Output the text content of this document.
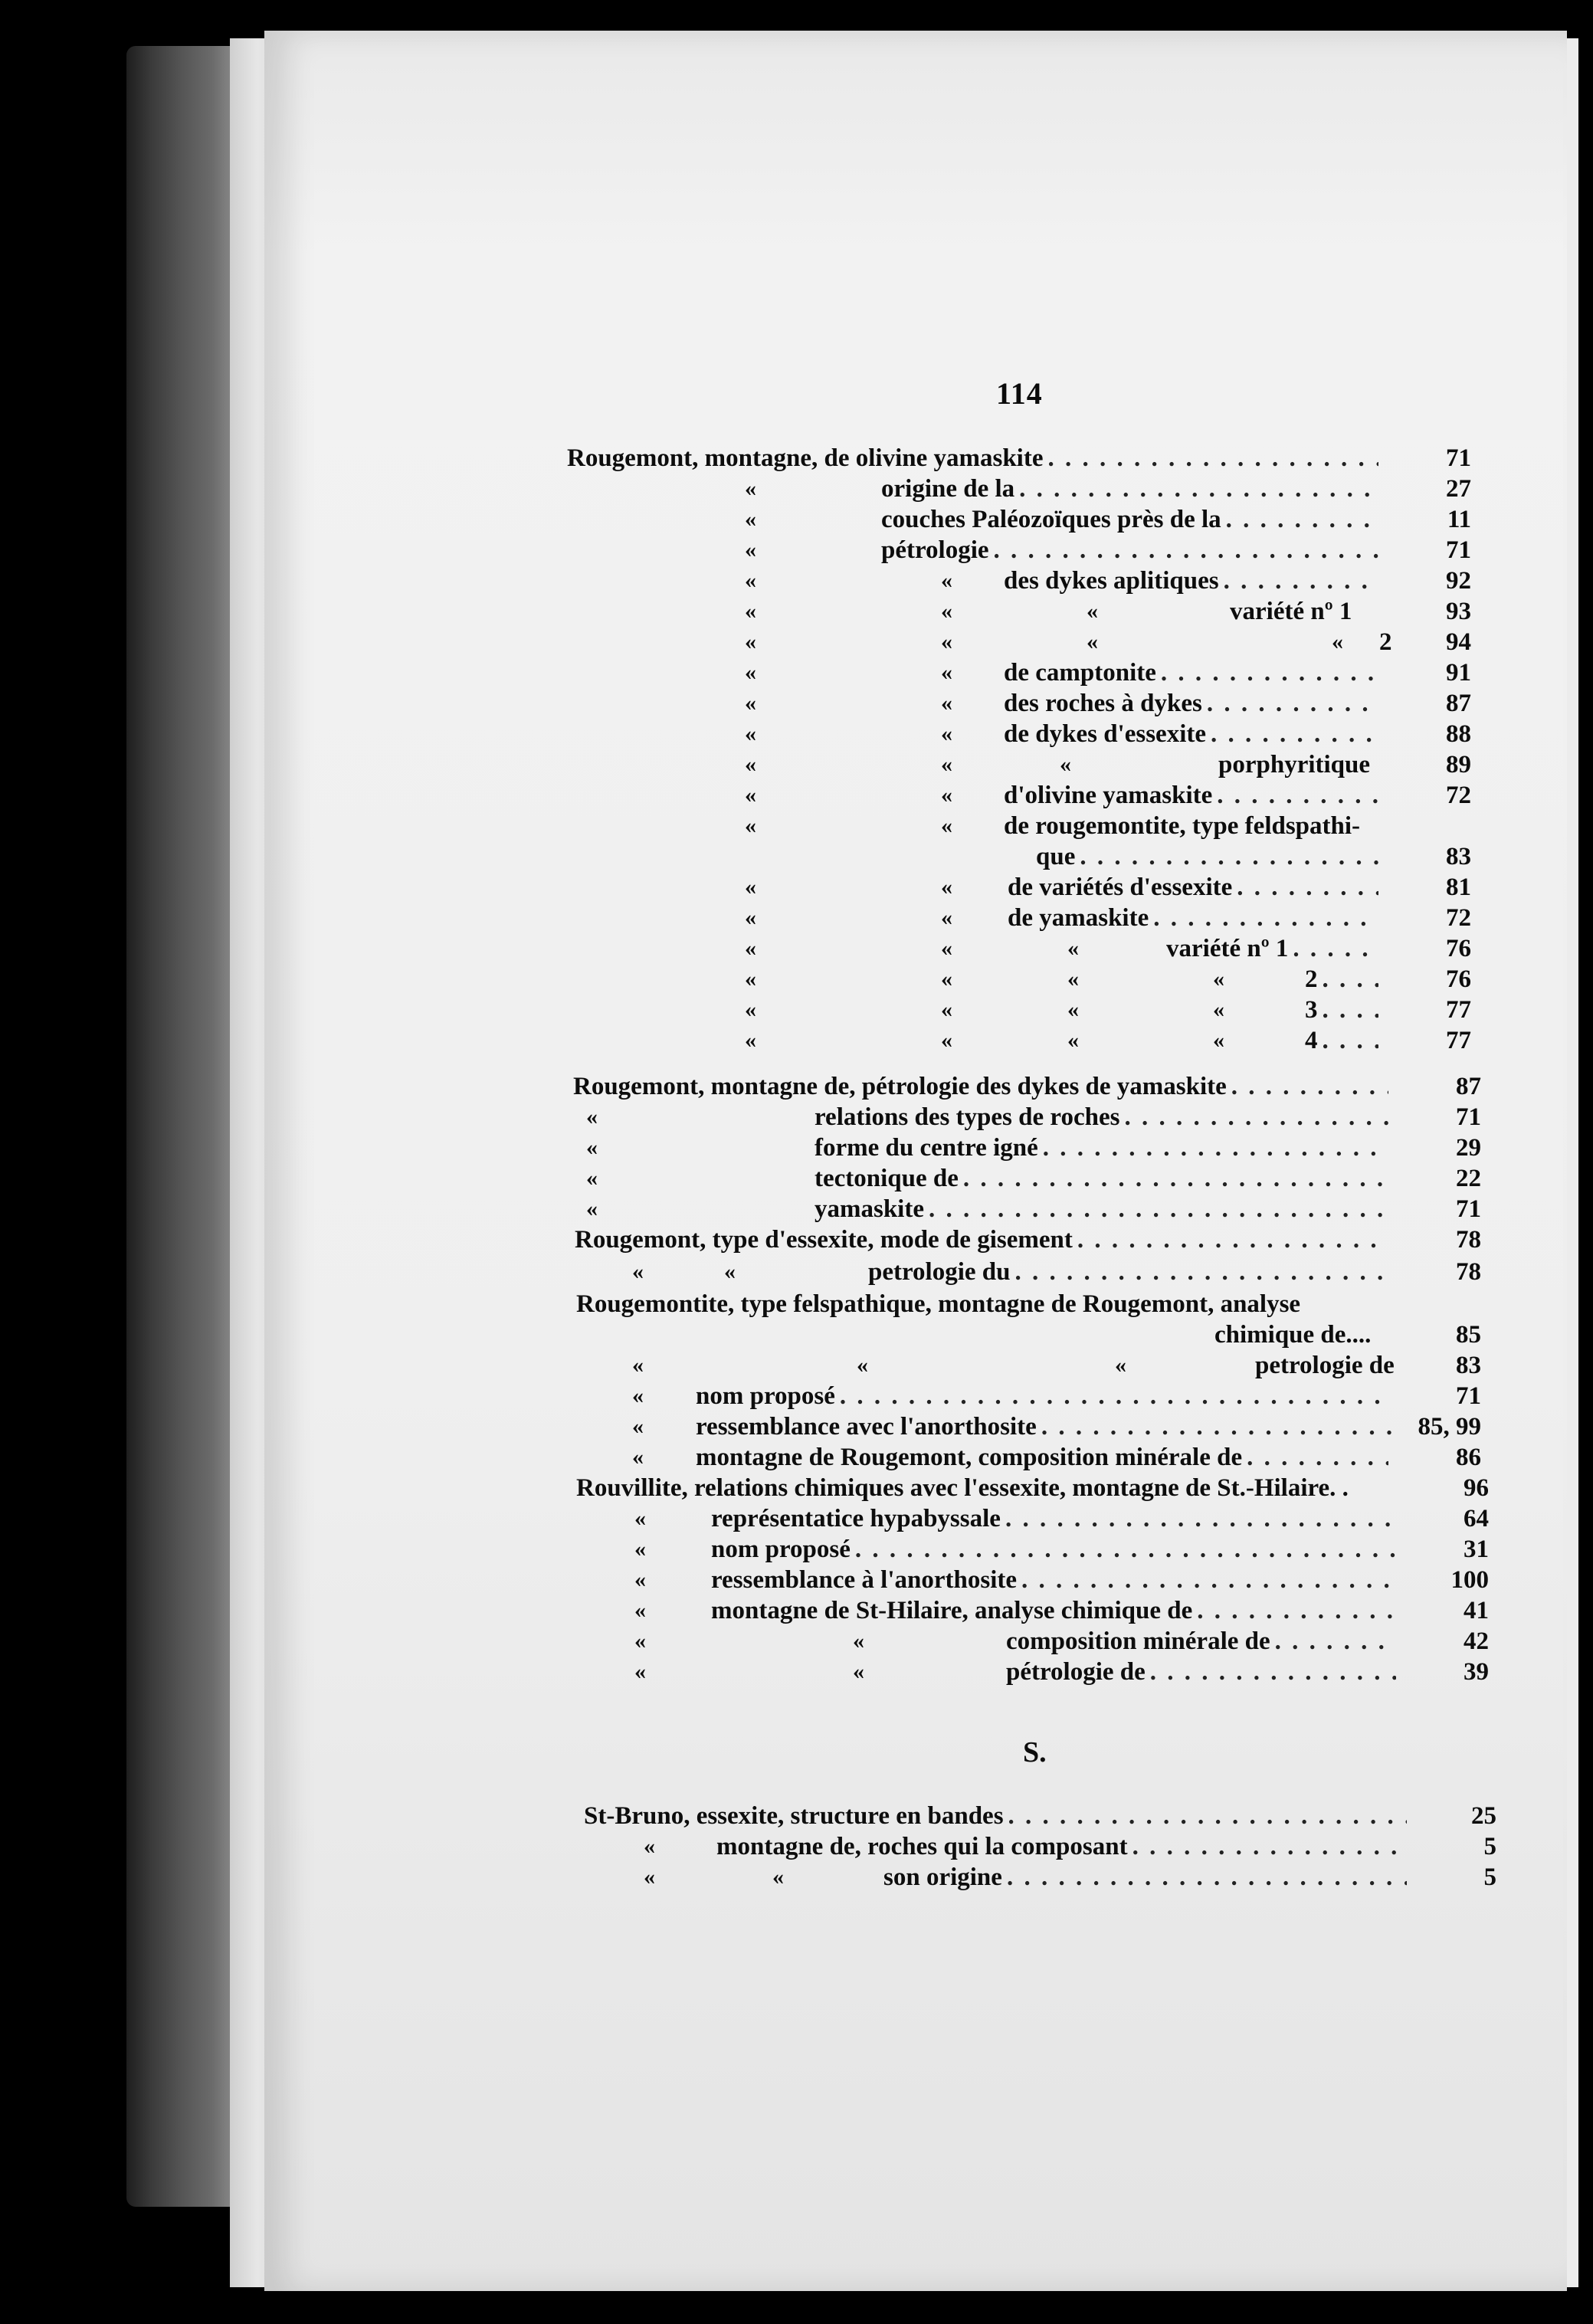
114
Rougemont, montagne, de olivine yamaskite . . .	71
«	origine de la . . .	27
«	couches Paléozoïques près de la . . .	11
«	pétrologie . . .	71
«	« des dykes aplitiques . . .	92
«	«	«	variété nº 1	93
«	«	«	« 2	94
«	« de camptonite . . .	91
«	« des roches à dykes . . .	87
«	« de dykes d'essexite . . .	88
«	«	«	porphyritique	89
«	« d'olivine yamaskite . . .	72
«	« de rougemontite, type feldspathi-
que . . .	83
«	« de variétés d'essexite . . .	81
«	« de yamaskite . . .	72
«	«	«	variété nº 1 . . .	76
«	«	«	«	2 . . .	76
«	«	«	«	3 . . .	77
«	«	«	«	4 . . .	77
Rougemont, montagne de, pétrologie des dykes de yamaskite . . .	87
«	relations des types de roches . . .	71
«	forme du centre igné . . .	29
«	tectonique de . . .	22
«	yamaskite . . .	71
Rougemont, type d'essexite, mode de gisement . . .	78
«	«	petrologie du . . .	78
Rougemontite, type felspathique, montagne de Rougemont, analyse
chimique de....	85
«	«	«	petrologie de	83
« nom proposé . . .	71
« ressemblance avec l'anorthosite . . .	85, 99
« montagne de Rougemont, composition minérale de . . .	86
Rouvillite, relations chimiques avec l'essexite, montagne de St.-Hilaire. .	96
«	représentatice hypabyssale . . .	64
«	nom proposé . . .	31
«	ressemblance à l'anorthosite . . .	100
«	montagne de St-Hilaire, analyse chimique de . . .	41
«	«	composition minérale de . . .	42
«	«	pétrologie de . . .	39
S.
St-Bruno, essexite, structure en bandes . . .	25
« montagne de, roches qui la composant . . .	5
«	«	son origine . . .	5
